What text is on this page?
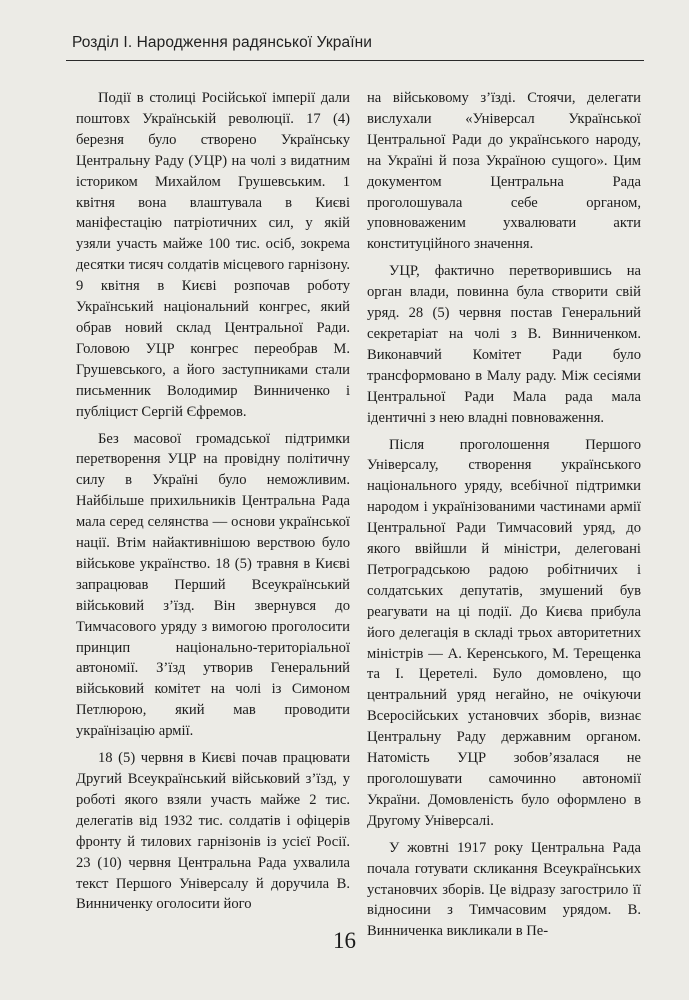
Розділ І. Народження радянської України

Події в столиці Російської імперії дали поштовх Українській революції. 17 (4) березня було створено Українську Центральну Раду (УЦР) на чолі з видатним істориком Михайлом Грушевським. 1 квітня вона влаштувала в Києві маніфестацію патріотичних сил, у якій узяли участь майже 100 тис. осіб, зокрема десятки тисяч солдатів місцевого гарнізону. 9 квітня в Києві розпочав роботу Український національний конгрес, який обрав новий склад Центральної Ради. Головою УЦР конгрес переобрав М. Грушевського, а його заступниками стали письменник Володимир Винниченко і публіцист Сергій Єфремов.

Без масової громадської підтримки перетворення УЦР на провідну політичну силу в Україні було неможливим. Найбільше прихильників Центральна Рада мала серед селянства — основи української нації. Втім найактивнішою верствою було військове українство. 18 (5) травня в Києві запрацював Перший Всеукраїнський військовий з’їзд. Він звернувся до Тимчасового уряду з вимогою проголосити принцип національно-територіальної автономії. З’їзд утворив Генеральний військовий комітет на чолі із Симоном Петлюрою, який мав проводити українізацію армії.

18 (5) червня в Києві почав працювати Другий Всеукраїнський військовий з’їзд, у роботі якого взяли участь майже 2 тис. делегатів від 1932 тис. солдатів і офіцерів фронту й тилових гарнізонів із усієї Росії. 23 (10) червня Центральна Рада ухвалила текст Першого Універсалу й доручила В. Винниченку оголосити його

на військовому з’їзді. Стоячи, делегати вислухали «Універсал Української Центральної Ради до українського народу, на Україні й поза Україною сущого». Цим документом Центральна Рада проголошувала себе органом, уповноваженим ухвалювати акти конституційного значення.

УЦР, фактично перетворившись на орган влади, повинна була створити свій уряд. 28 (5) червня постав Генеральний секретаріат на чолі з В. Винниченком. Виконавчий Комітет Ради було трансформовано в Малу раду. Між сесіями Центральної Ради Мала рада мала ідентичні з нею владні повноваження.

Після проголошення Першого Універсалу, створення українського національного уряду, всебічної підтримки народом і українізованими частинами армії Центральної Ради Тимчасовий уряд, до якого ввійшли й міністри, делеговані Петроградською радою робітничих і солдатських депутатів, змушений був реагувати на ці події. До Києва прибула його делегація в складі трьох авторитетних міністрів — А. Керенського, М. Терещенка та І. Церетелі. Було домовлено, що центральний уряд негайно, не очікуючи Всеросійських установчих зборів, визнає Центральну Раду державним органом. Натомість УЦР зобов’язалася не проголошувати самочинно автономії України. Домовленість було оформлено в Другому Універсалі.

У жовтні 1917 року Центральна Рада почала готувати скликання Всеукраїнських установчих зборів. Це відразу загострило її відносини з Тимчасовим урядом. В. Винниченка викликали в Пе-

16
